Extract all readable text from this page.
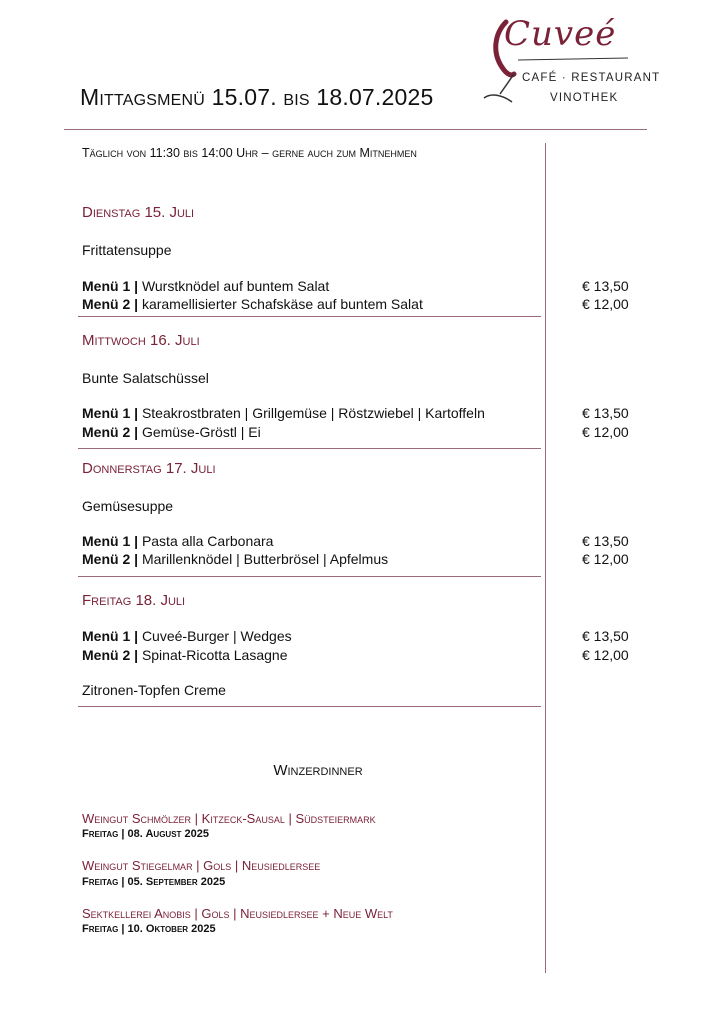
Mittagsmenü 15.07. bis 18.07.2025
Cuveé
CAFÉ · RESTAURANT
VINOTHEK
Täglich von 11:30 bis 14:00 Uhr – gerne auch zum Mitnehmen
Dienstag 15. Juli
Frittatensuppe
Menü 1 | Wurstknödel auf buntem Salat	€ 13,50
Menü 2 | karamellisierter Schafskäse auf buntem Salat	€ 12,00
Mittwoch 16. Juli
Bunte Salatschüssel
Menü 1 | Steakrostbraten | Grillgemüse | Röstzwiebel | Kartoffeln	€ 13,50
Menü 2 | Gemüse-Gröstl | Ei	€ 12,00
Donnerstag 17. Juli
Gemüsesuppe
Menü 1 | Pasta alla Carbonara	€ 13,50
Menü 2 | Marillenknödel | Butterbrösel | Apfelmus	€ 12,00
Freitag 18. Juli
Menü 1 | Cuveé-Burger | Wedges	€ 13,50
Menü 2 | Spinat-Ricotta Lasagne	€ 12,00
Zitronen-Topfen Creme
Winzerdinner
Weingut Schmölzer | Kitzeck-Sausal | Südsteiermark
Freitag | 08. August 2025
Weingut Stiegelmar | Gols | Neusiedlersee
Freitag | 05. September 2025
Sektkellerei Anobis | Gols | Neusiedlersee + Neue Welt
Freitag | 10. Oktober 2025
